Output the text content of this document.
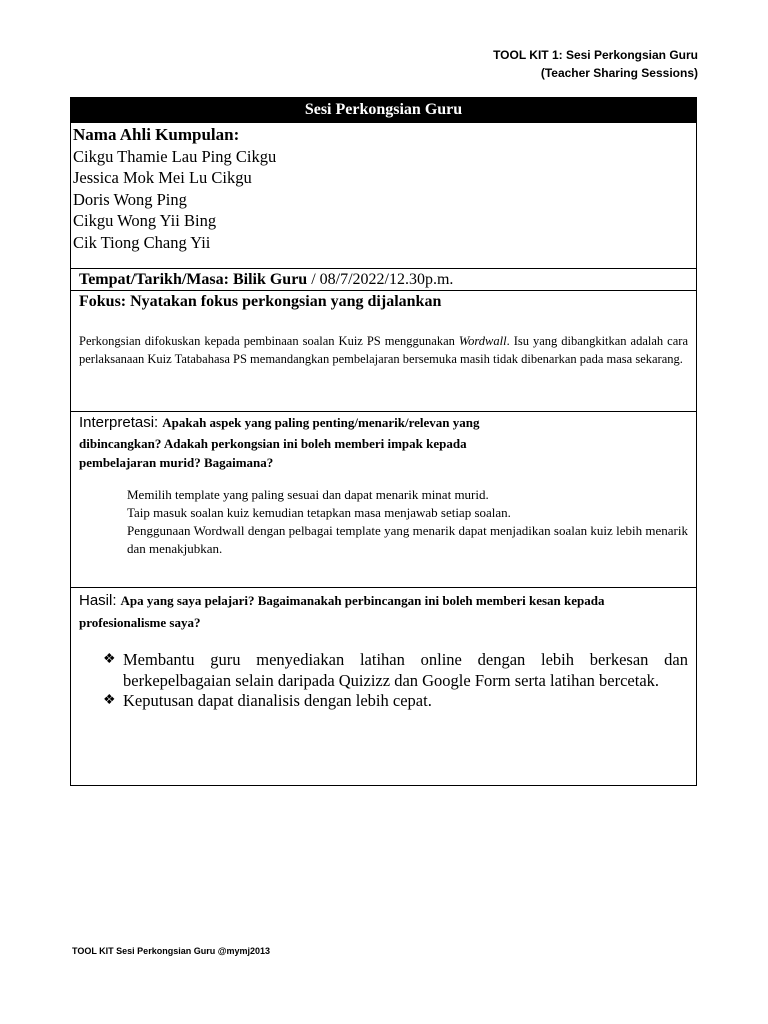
TOOL KIT 1: Sesi Perkongsian Guru
(Teacher Sharing Sessions)
Sesi Perkongsian Guru
Nama Ahli Kumpulan:
Cikgu Thamie Lau Ping Cikgu
Jessica Mok Mei Lu Cikgu
Doris Wong Ping
Cikgu Wong Yii Bing
Cik Tiong Chang Yii
Tempat/Tarikh/Masa: Bilik Guru / 08/7/2022/12.30p.m.
Fokus: Nyatakan fokus perkongsian yang dijalankan
Perkongsian difokuskan kepada pembinaan soalan Kuiz PS menggunakan Wordwall. Isu yang dibangkitkan adalah cara perlaksanaan Kuiz Tatabahasa PS memandangkan pembelajaran bersemuka masih tidak dibenarkan pada masa sekarang.
Interpretasi: Apakah aspek yang paling penting/menarik/relevan yang
dibincangkan? Adakah perkongsian ini boleh memberi impak kepada
pembelajaran murid? Bagaimana?
Memilih template yang paling sesuai dan dapat menarik minat murid.
Taip masuk soalan kuiz kemudian tetapkan masa menjawab setiap soalan.
Penggunaan Wordwall dengan pelbagai template yang menarik dapat menjadikan soalan kuiz lebih menarik dan menakjubkan.
Hasil: Apa yang saya pelajari? Bagaimanakah perbincangan ini boleh memberi kesan kepada profesionalisme saya?
❖ Membantu guru menyediakan latihan online dengan lebih berkesan dan berkepelbagaian selain daripada Quizizz dan Google Form serta latihan bercetak.
❖ Keputusan dapat dianalisis dengan lebih cepat.
TOOL KIT Sesi Perkongsian Guru @mymj2013
